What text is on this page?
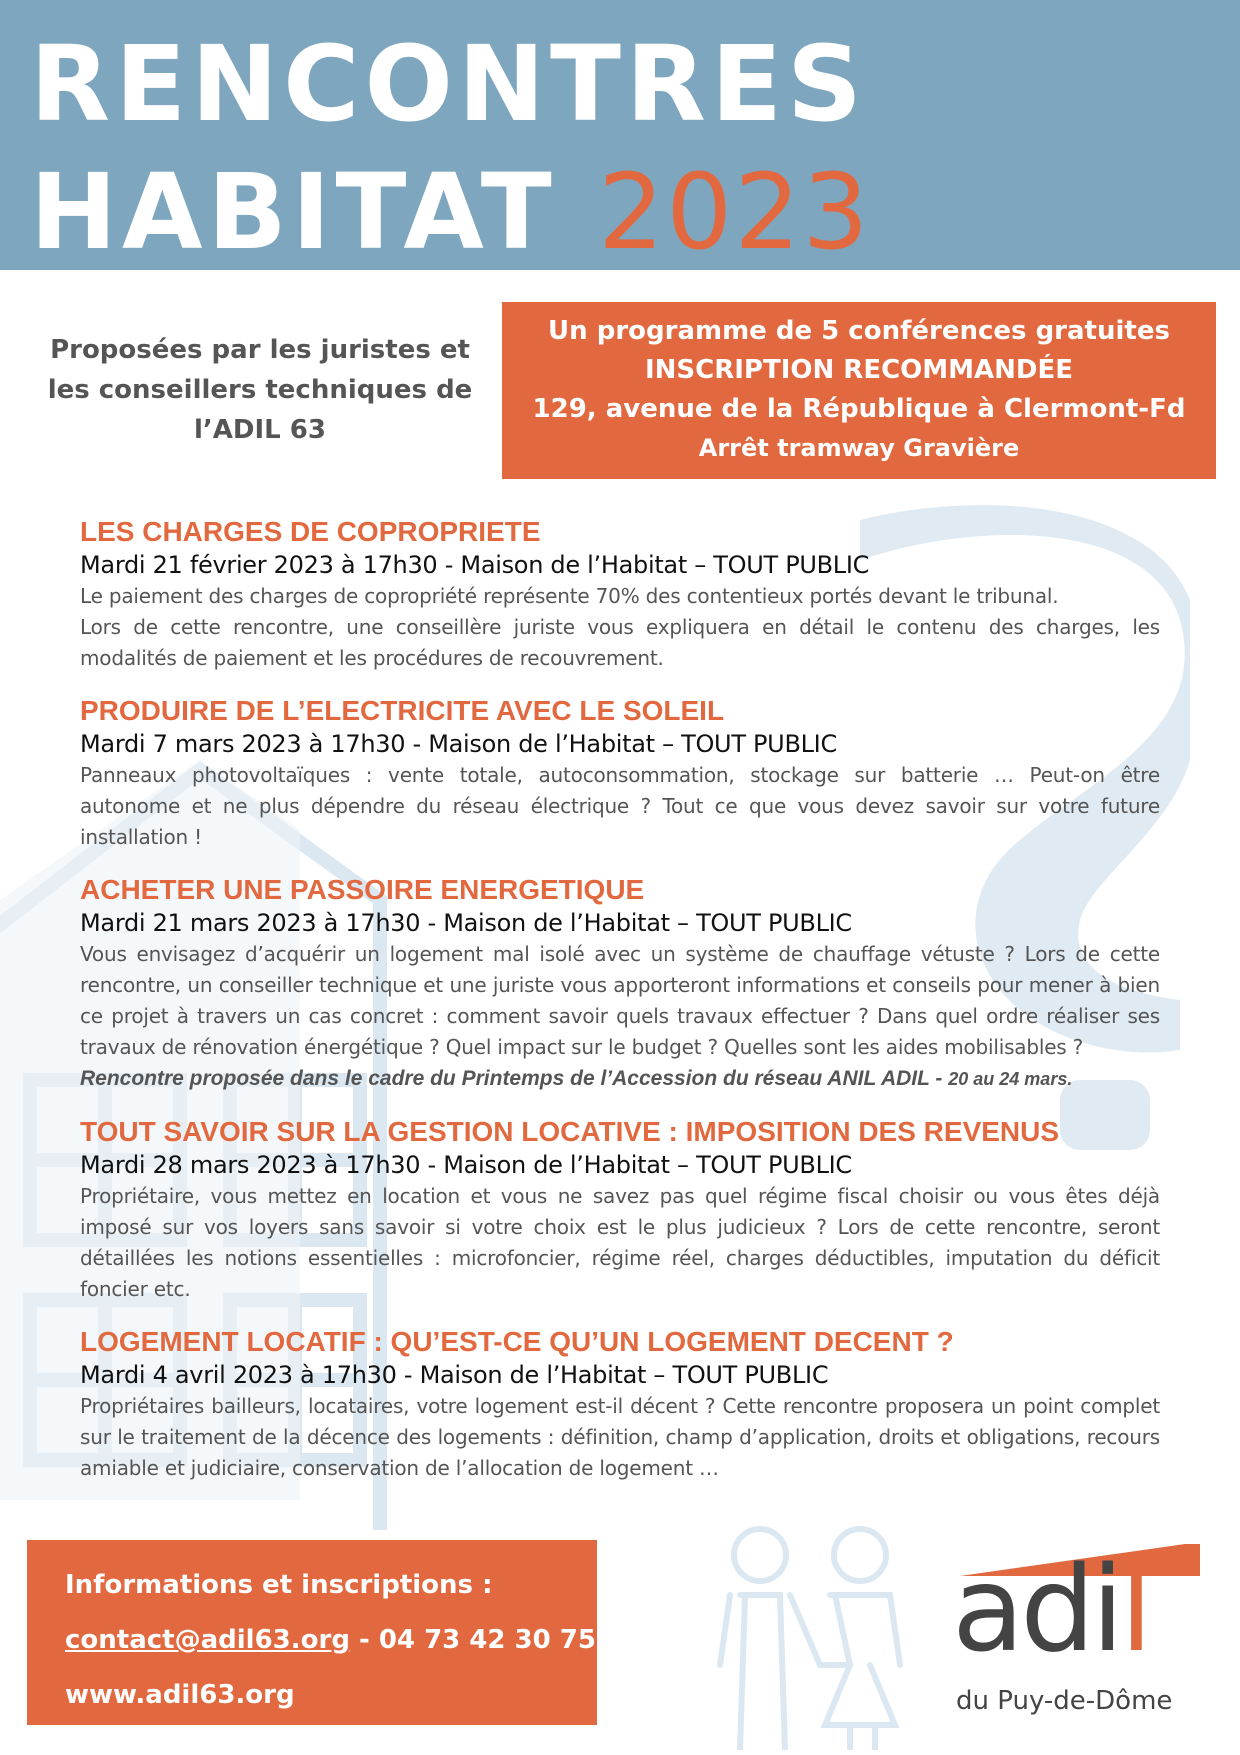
RENCONTRES
HABITAT 2023
Proposées par les juristes et
les conseillers techniques de
l’ADIL 63
Un programme de 5 conférences gratuites
INSCRIPTION RECOMMANDÉE
129, avenue de la République à Clermont-Fd
Arrêt tramway Gravière
LES CHARGES DE COPROPRIETE
Mardi 21 février 2023 à 17h30 - Maison de l’Habitat – TOUT PUBLIC
Le paiement des charges de copropriété représente 70% des contentieux portés devant le tribunal.
Lors de cette rencontre, une conseillère juriste vous expliquera en détail le contenu des charges, les modalités de paiement et les procédures de recouvrement.
PRODUIRE DE L’ELECTRICITE AVEC LE SOLEIL
Mardi 7 mars 2023 à 17h30 - Maison de l’Habitat – TOUT PUBLIC
Panneaux photovoltaïques : vente totale, autoconsommation, stockage sur batterie … Peut-on être autonome et ne plus dépendre du réseau électrique ? Tout ce que vous devez savoir sur votre future installation !
ACHETER UNE PASSOIRE ENERGETIQUE
Mardi 21 mars 2023 à 17h30 - Maison de l’Habitat – TOUT PUBLIC
Vous envisagez d’acquérir un logement mal isolé avec un système de chauffage vétuste ? Lors de cette rencontre, un conseiller technique et une juriste vous apporteront informations et conseils pour mener à bien ce projet à travers un cas concret : comment savoir quels travaux effectuer ? Dans quel ordre réaliser ses travaux de rénovation énergétique ? Quel impact sur le budget ? Quelles sont les aides mobilisables ?
Rencontre proposée dans le cadre du Printemps de l’Accession du réseau ANIL ADIL - 20 au 24 mars.
TOUT SAVOIR SUR LA GESTION LOCATIVE : IMPOSITION DES REVENUS
Mardi 28 mars 2023 à 17h30 - Maison de l’Habitat – TOUT PUBLIC
Propriétaire, vous mettez en location et vous ne savez pas quel régime fiscal choisir ou vous êtes déjà imposé sur vos loyers sans savoir si votre choix est le plus judicieux ? Lors de cette rencontre, seront détaillées les notions essentielles : microfoncier, régime réel, charges déductibles, imputation du déficit foncier etc.
LOGEMENT LOCATIF : QU’EST-CE QU’UN LOGEMENT DECENT ?
Mardi 4 avril 2023 à 17h30 - Maison de l’Habitat – TOUT PUBLIC
Propriétaires bailleurs, locataires, votre logement est-il décent ? Cette rencontre proposera un point complet sur le traitement de la décence des logements : définition, champ d’application, droits et obligations, recours amiable et judiciaire, conservation de l’allocation de logement …
Informations et inscriptions :
contact@adil63.org - 04 73 42 30 75 -
www.adil63.org
adil
du Puy-de-Dôme
